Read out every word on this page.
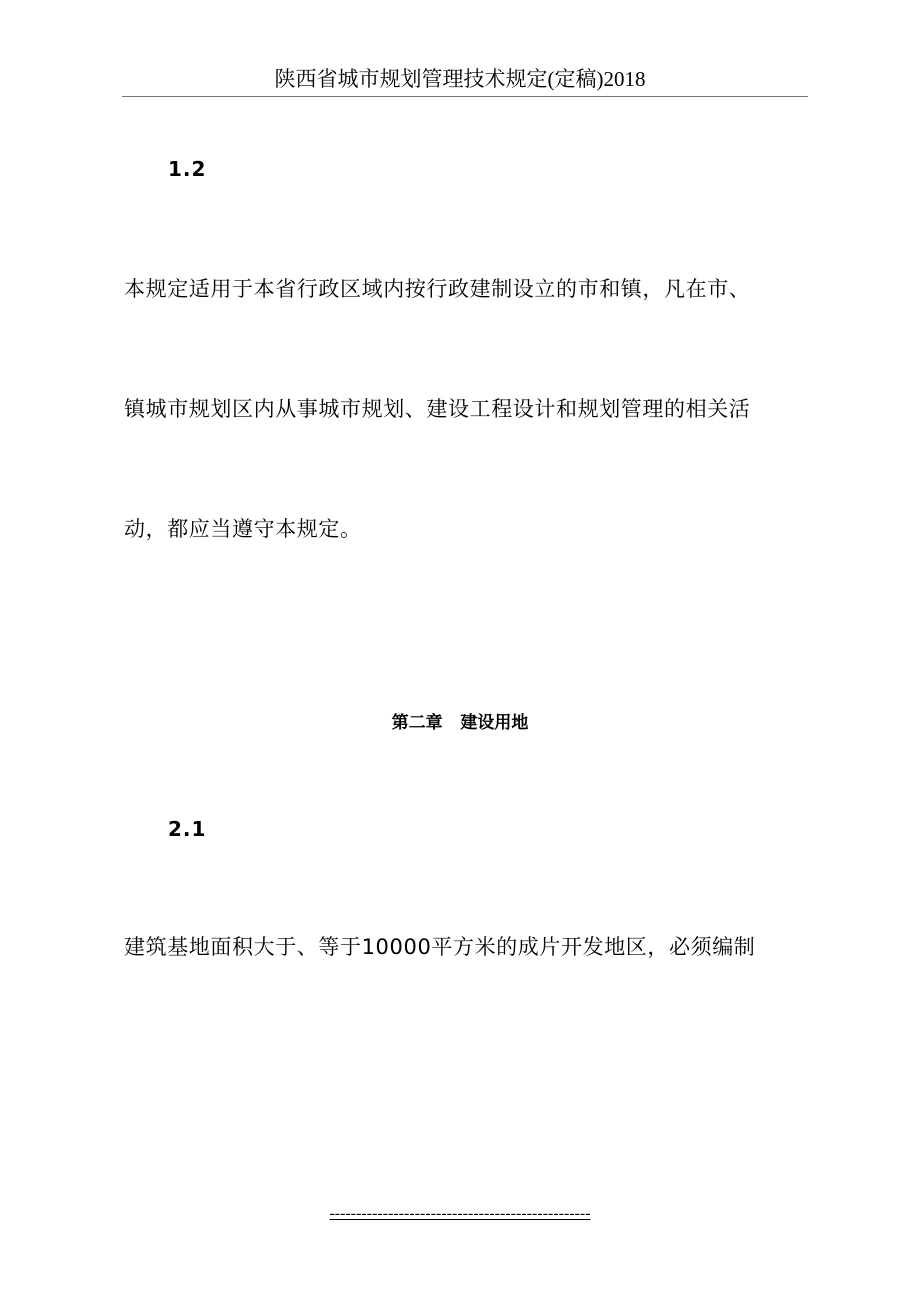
陕西省城市规划管理技术规定(定稿)2018
1.2
本规定适用于本省行政区域内按行政建制设立的市和镇，凡在市、
镇城市规划区内从事城市规划、建设工程设计和规划管理的相关活
动，都应当遵守本规定。
第二章   建设用地
2.1
建筑基地面积大于、等于10000平方米的成片开发地区，必须编制
-------------------------------------------------
